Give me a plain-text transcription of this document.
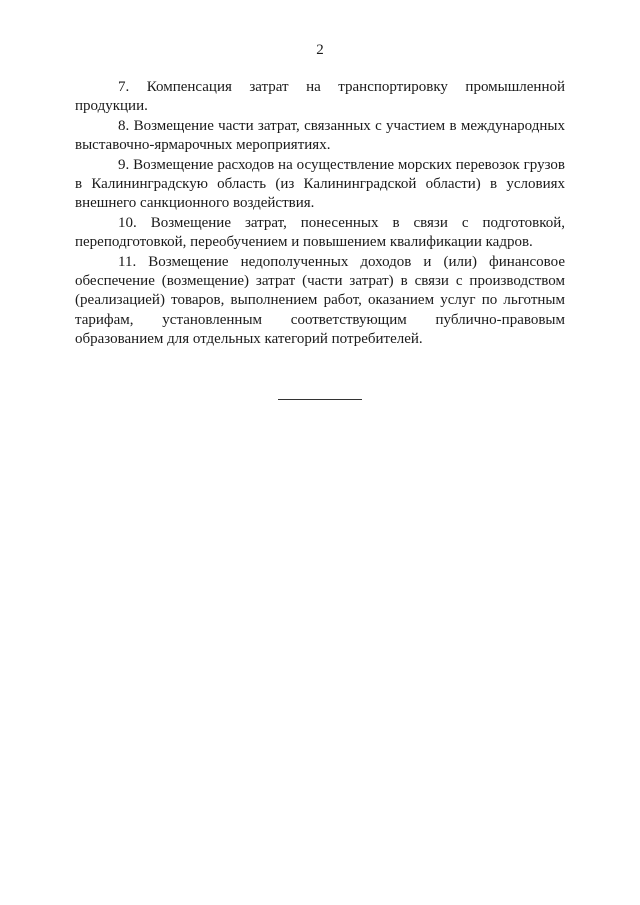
2

7. Компенсация затрат на транспортировку промышленной продукции.

8. Возмещение части затрат, связанных с участием в международных выставочно-ярмарочных мероприятиях.

9. Возмещение расходов на осуществление морских перевозок грузов в Калининградскую область (из Калининградской области) в условиях внешнего санкционного воздействия.

10. Возмещение затрат, понесенных в связи с подготовкой, переподготовкой, переобучением и повышением квалификации кадров.

11. Возмещение недополученных доходов и (или) финансовое обеспечение (возмещение) затрат (части затрат) в связи с производством (реализацией) товаров, выполнением работ, оказанием услуг по льготным тарифам, установленным соответствующим публично-правовым образованием для отдельных категорий потребителей.
